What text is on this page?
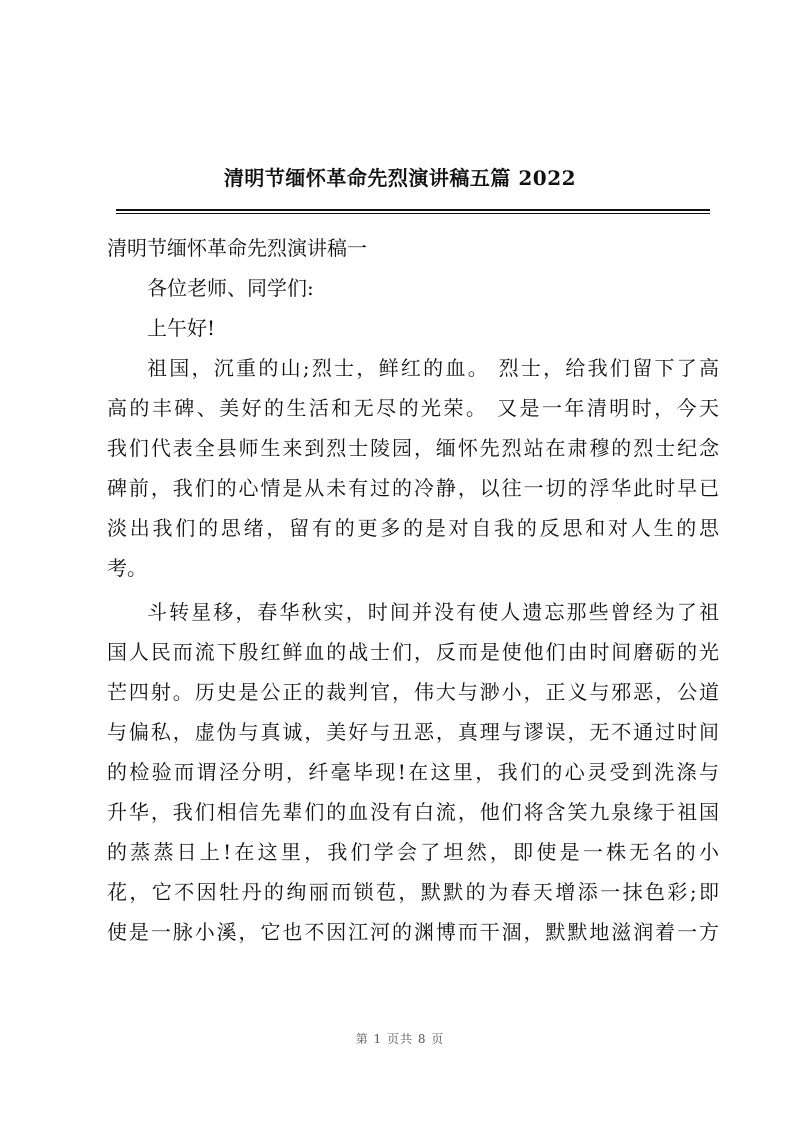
清明节缅怀革命先烈演讲稿五篇 2022
清明节缅怀革命先烈演讲稿一
各位老师、同学们:
上午好!
祖国，沉重的山;烈士，鲜红的血。 烈士，给我们留下了高
高的丰碑、美好的生活和无尽的光荣。 又是一年清明时，今天
我们代表全县师生来到烈士陵园，缅怀先烈站在肃穆的烈士纪念
碑前，我们的心情是从未有过的冷静，以往一切的浮华此时早已
淡出我们的思绪，留有的更多的是对自我的反思和对人生的思
考。
斗转星移，春华秋实，时间并没有使人遗忘那些曾经为了祖
国人民而流下殷红鲜血的战士们，反而是使他们由时间磨砺的光
芒四射。历史是公正的裁判官，伟大与渺小，正义与邪恶，公道
与偏私，虚伪与真诚，美好与丑恶，真理与谬误，无不通过时间
的检验而谓泾分明，纤毫毕现!在这里，我们的心灵受到洗涤与
升华，我们相信先辈们的血没有白流，他们将含笑九泉缘于祖国
的蒸蒸日上!在这里，我们学会了坦然，即使是一株无名的小
花，它不因牡丹的绚丽而锁苞，默默的为春天增添一抹色彩;即
使是一脉小溪，它也不因江河的渊博而干涸，默默地滋润着一方
第 1 页共 8 页
